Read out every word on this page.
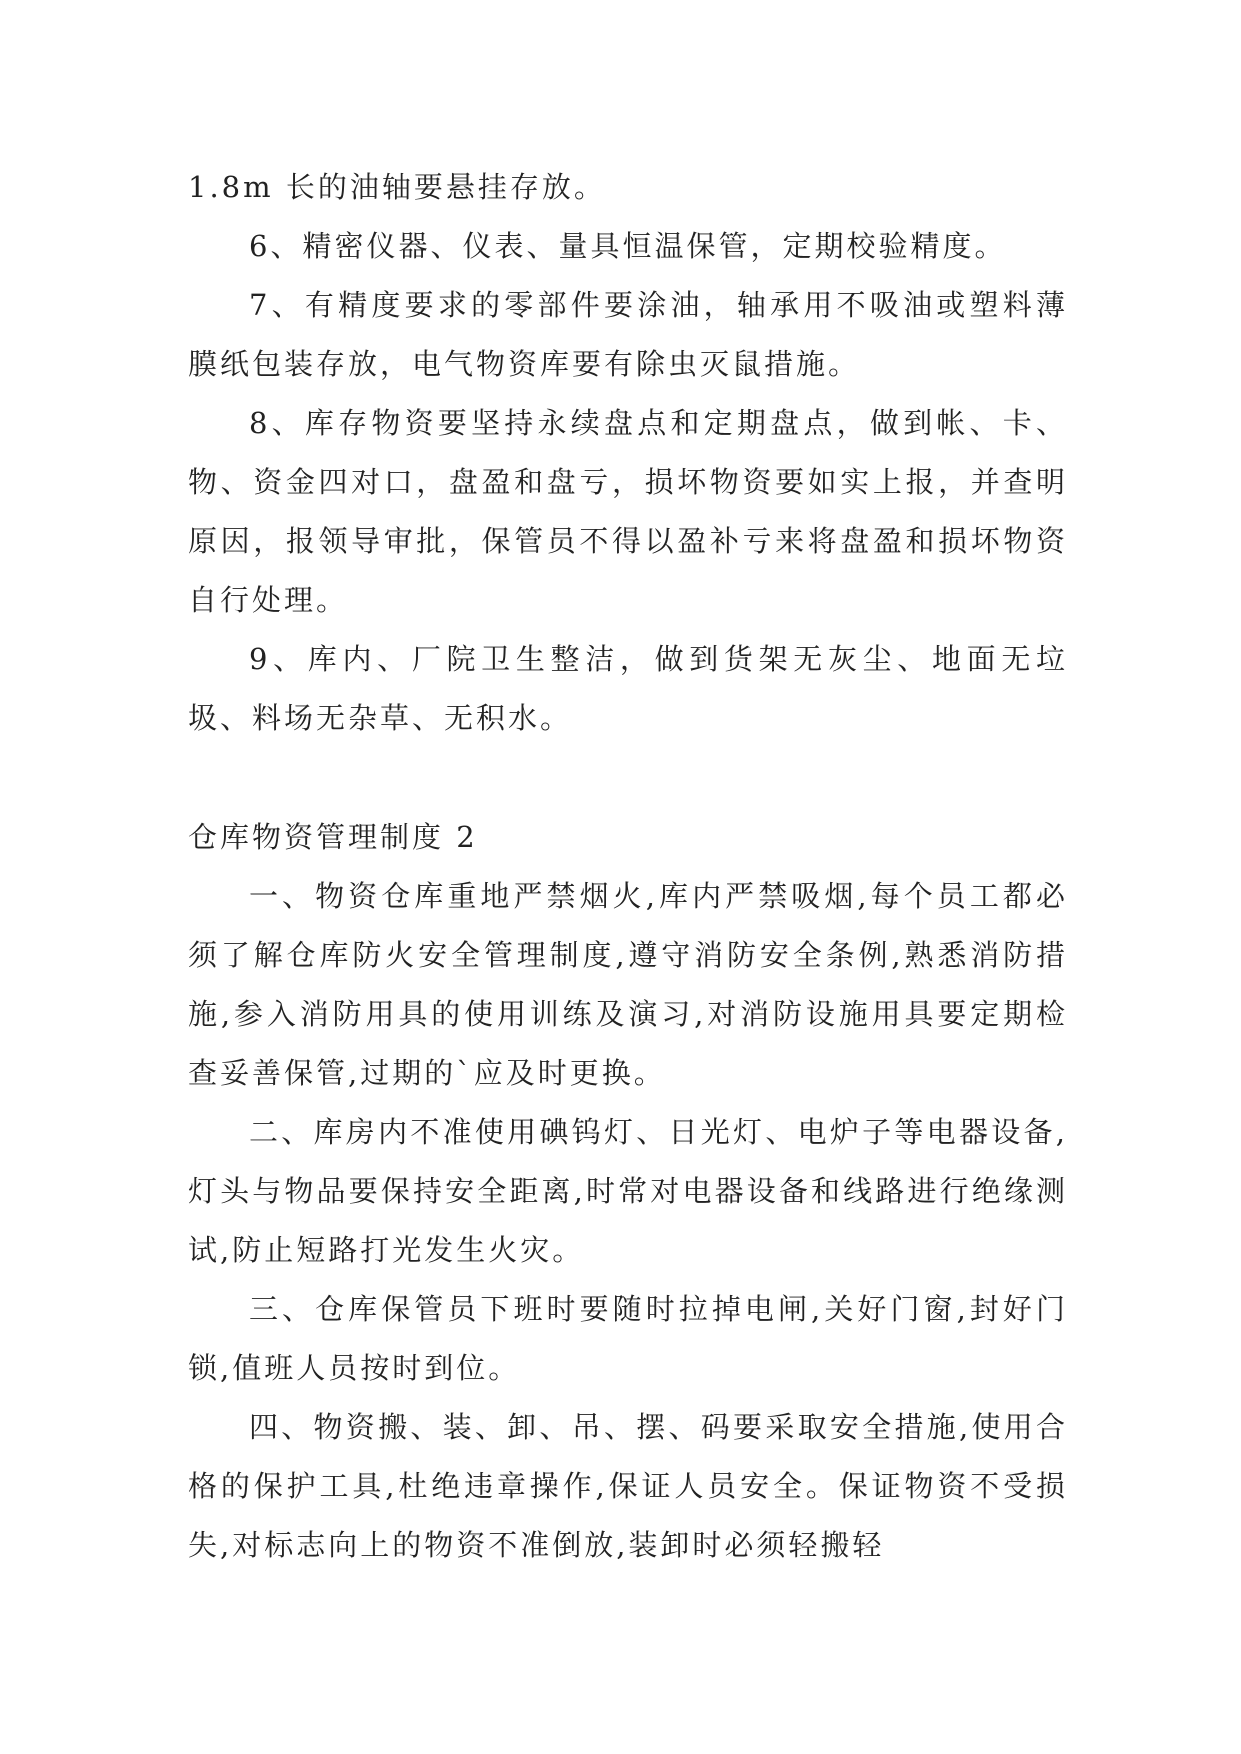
1.8m 长的油轴要悬挂存放。

6、精密仪器、仪表、量具恒温保管，定期校验精度。

7、有精度要求的零部件要涂油，轴承用不吸油或塑料薄膜纸包装存放，电气物资库要有除虫灭鼠措施。

8、库存物资要坚持永续盘点和定期盘点，做到帐、卡、物、资金四对口，盘盈和盘亏，损坏物资要如实上报，并查明原因，报领导审批，保管员不得以盈补亏来将盘盈和损坏物资自行处理。

9、库内、厂院卫生整洁，做到货架无灰尘、地面无垃圾、料场无杂草、无积水。

仓库物资管理制度 2

一、物资仓库重地严禁烟火,库内严禁吸烟,每个员工都必须了解仓库防火安全管理制度,遵守消防安全条例,熟悉消防措施,参入消防用具的使用训练及演习,对消防设施用具要定期检查妥善保管,过期的`应及时更换。

二、库房内不准使用碘钨灯、日光灯、电炉子等电器设备,灯头与物品要保持安全距离,时常对电器设备和线路进行绝缘测试,防止短路打光发生火灾。

三、仓库保管员下班时要随时拉掉电闸,关好门窗,封好门锁,值班人员按时到位。

四、物资搬、装、卸、吊、摆、码要采取安全措施,使用合格的保护工具,杜绝违章操作,保证人员安全。保证物资不受损失,对标志向上的物资不准倒放,装卸时必须轻搬轻
